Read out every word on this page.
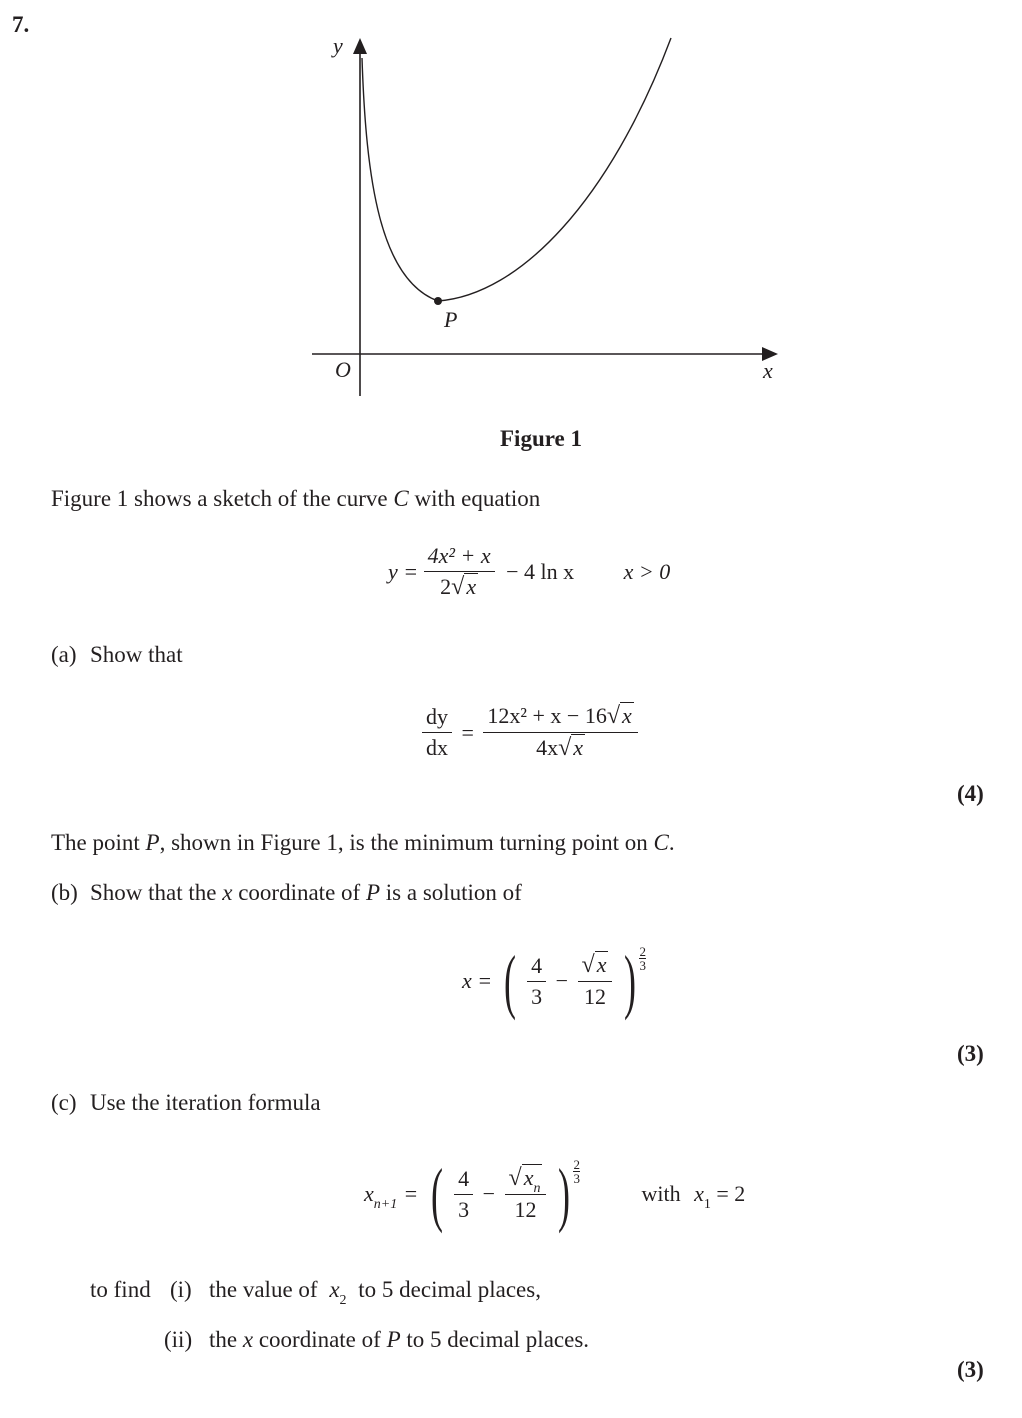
7.
y
x
O
P
Figure 1
Figure 1 shows a sketch of the curve C with equation
$y = \frac{\text{4x² + x}}{2√x} - 4$ ln x x > 0
(a) Show that
$\frac{dy}{dx} = \frac{\text{12x² + x − 16√x}}{4x√x}$
(4)
The point P, shown in Figure 1, is the minimum turning point on C.
(b) Show that the x coordinate of P is a solution of
x = ( $\frac{4}{3} - \frac{√x}{12}$ ) $\frac{2}{3}$
(3)
(c) Use the iteration formula
$x_{n+1}$ = ( $\frac{4}{3} - \frac{√x_n}{12}$ ) $\frac{2}{3}$
with $x_1 = 2$
to find (i) the value of $x_2$ to 5 decimal places,
(ii) the x coordinate of P to 5 decimal places.
(3)
